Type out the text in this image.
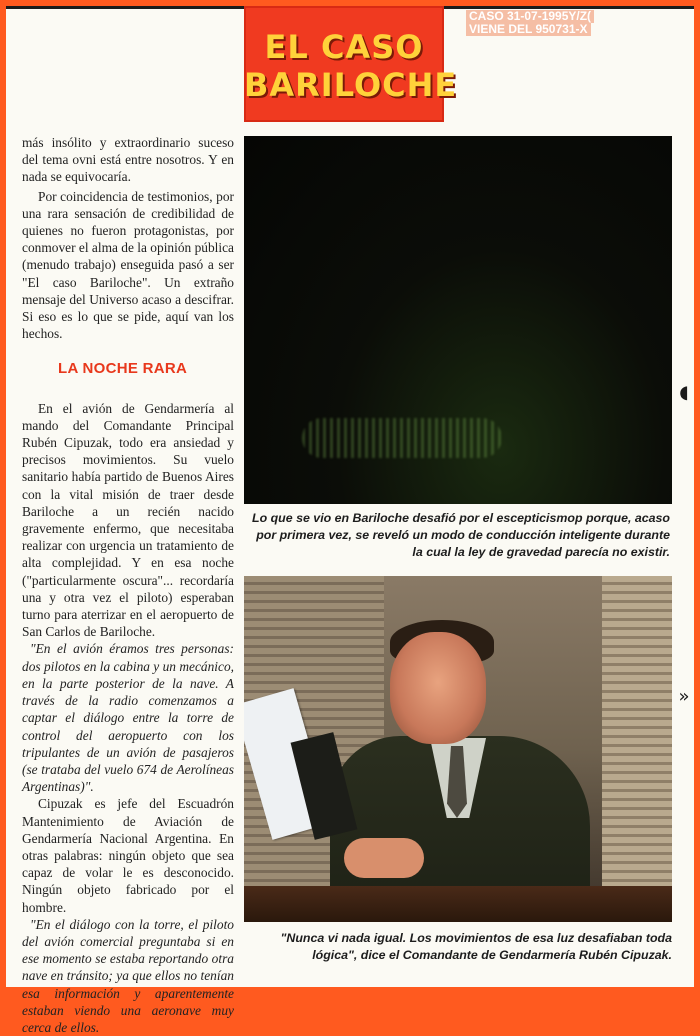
EL CASO
BARILOCHE
CASO 31-07-1995Y/Z(
VIENE DEL 950731-X

más insólito y extraordinario suceso del tema ovni está entre nosotros. Y en nada se equivocaría.

Por coincidencia de testimonios, por una rara sensación de credibilidad de quienes no fueron protagonistas, por conmover el alma de la opinión pública (menudo trabajo) enseguida pasó a ser "El caso Bariloche". Un extraño mensaje del Universo acaso a descifrar. Si eso es lo que se pide, aquí van los hechos.

LA NOCHE RARA

En el avión de Gendarmería al mando del Comandante Principal Rubén Cipuzak, todo era ansiedad y precisos movimientos. Su vuelo sanitario había partido de Buenos Aires con la vital misión de traer desde Bariloche a un recién nacido gravemente enfermo, que necesitaba realizar con urgencia un tratamiento de alta complejidad. Y en esa noche ("particularmente oscura"... recordaría una y otra vez el piloto) esperaban turno para aterrizar en el aeropuerto de San Carlos de Bariloche.

"En el avión éramos tres personas: dos pilotos en la cabina y un mecánico, en la parte posterior de la nave. A través de la radio comenzamos a captar el diálogo entre la torre de control del aeropuerto con los tripulantes de un avión de pasajeros (se trataba del vuelo 674 de Aerolíneas Argentinas)".

Cipuzak es jefe del Escuadrón Mantenimiento de Aviación de Gendarmería Nacional Argentina. En otras palabras: ningún objeto que sea capaz de volar le es desconocido. Ningún objeto fabricado por el hombre.

"En el diálogo con la torre, el piloto del avión comercial preguntaba si en ese momento se estaba reportando otra nave en tránsito; ya que ellos no tenían esa información y aparentemente estaban viendo una aeronave muy cerca de ellos.

Lo que se vio en Bariloche desafió por el escepticismop porque, acaso por primera vez, se reveló un modo de conducción inteligente durante la cual la ley de gravedad parecía no existir.
◖
»
"Nunca vi nada igual. Los movimientos de esa luz desafiaban toda lógica", dice el Comandante de Gendarmería Rubén Cipuzak.
